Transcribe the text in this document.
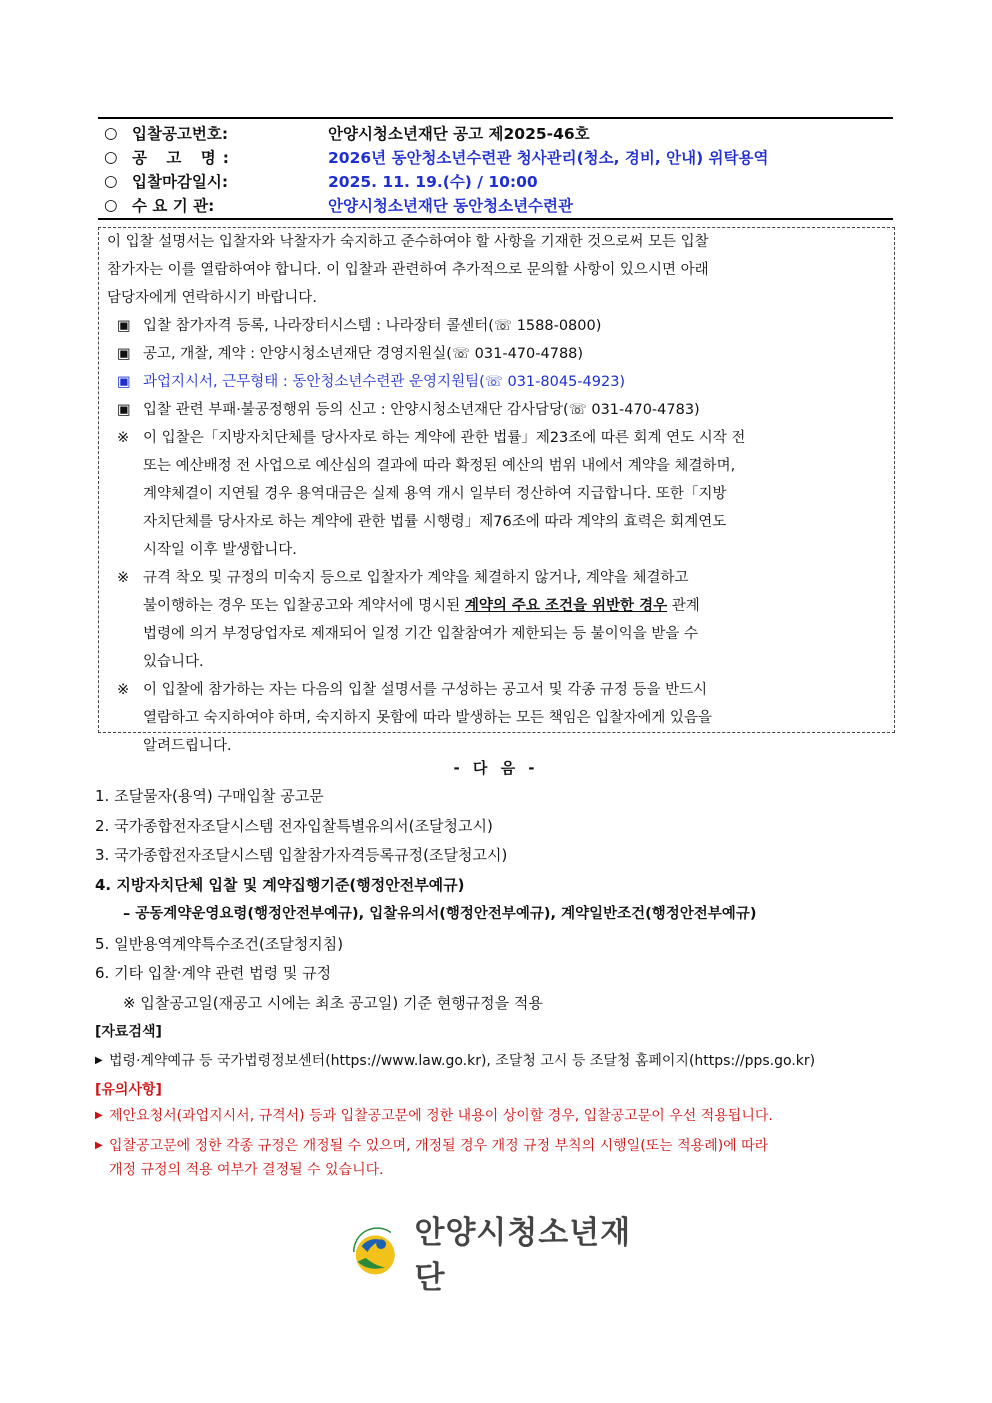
○ 입찰공고번호:	안양시청소년재단 공고 제2025-46호
○ 공 고 명:	2026년 동안청소년수련관 청사관리(청소, 경비, 안내) 위탁용역
○ 입찰마감일시:	2025. 11. 19.(수) / 10:00
○ 수 요 기 관:	안양시청소년재단 동안청소년수련관
이 입찰 설명서는 입찰자와 낙찰자가 숙지하고 준수하여야 할 사항을 기재한 것으로써 모든 입찰
참가자는 이를 열람하여야 합니다. 이 입찰과 관련하여 추가적으로 문의할 사항이 있으시면 아래
담당자에게 연락하시기 바랍니다.
▣ 입찰 참가자격 등록, 나라장터시스템 : 나라장터 콜센터(☏ 1588-0800)
▣ 공고, 개찰, 계약 : 안양시청소년재단 경영지원실(☏ 031-470-4788)
▣ 과업지시서, 근무형태 : 동안청소년수련관 운영지원팀(☏ 031-8045-4923)
▣ 입찰 관련 부패·불공정행위 등의 신고 : 안양시청소년재단 감사담당(☏ 031-470-4783)
※ 이 입찰은「지방자치단체를 당사자로 하는 계약에 관한 법률」제23조에 따른 회계 연도 시작 전
또는 예산배정 전 사업으로 예산심의 결과에 따라 확정된 예산의 범위 내에서 계약을 체결하며,
계약체결이 지연될 경우 용역대금은 실제 용역 개시 일부터 정산하여 지급합니다. 또한「지방
자치단체를 당사자로 하는 계약에 관한 법률 시행령」제76조에 따라 계약의 효력은 회계연도
시작일 이후 발생합니다.
※ 규격 착오 및 규정의 미숙지 등으로 입찰자가 계약을 체결하지 않거나, 계약을 체결하고
불이행하는 경우 또는 입찰공고와 계약서에 명시된 계약의 주요 조건을 위반한 경우 관계
법령에 의거 부정당업자로 제재되어 일정 기간 입찰참여가 제한되는 등 불이익을 받을 수
있습니다.
※ 이 입찰에 참가하는 자는 다음의 입찰 설명서를 구성하는 공고서 및 각종 규정 등을 반드시
열람하고 숙지하여야 하며, 숙지하지 못함에 따라 발생하는 모든 책임은 입찰자에게 있음을
알려드립니다.
- 다 음 -
1. 조달물자(용역) 구매입찰 공고문
2. 국가종합전자조달시스템 전자입찰특별유의서(조달청고시)
3. 국가종합전자조달시스템 입찰참가자격등록규정(조달청고시)
4. 지방자치단체 입찰 및 계약집행기준(행정안전부예규)
– 공동계약운영요령(행정안전부예규), 입찰유의서(행정안전부예규), 계약일반조건(행정안전부예규)
5. 일반용역계약특수조건(조달청지침)
6. 기타 입찰·계약 관련 법령 및 규정
※ 입찰공고일(재공고 시에는 최초 공고일) 기준 현행규정을 적용
[자료검색]
▶ 법령·계약예규 등 국가법령정보센터(https://www.law.go.kr), 조달청 고시 등 조달청 홈페이지(https://pps.go.kr)
[유의사항]
▶ 제안요청서(과업지시서, 규격서) 등과 입찰공고문에 정한 내용이 상이할 경우, 입찰공고문이 우선 적용됩니다.
▶ 입찰공고문에 정한 각종 규정은 개정될 수 있으며, 개정될 경우 개정 규정 부칙의 시행일(또는 적용례)에 따라
개정 규정의 적용 여부가 결정될 수 있습니다.
안양시청소년재단
